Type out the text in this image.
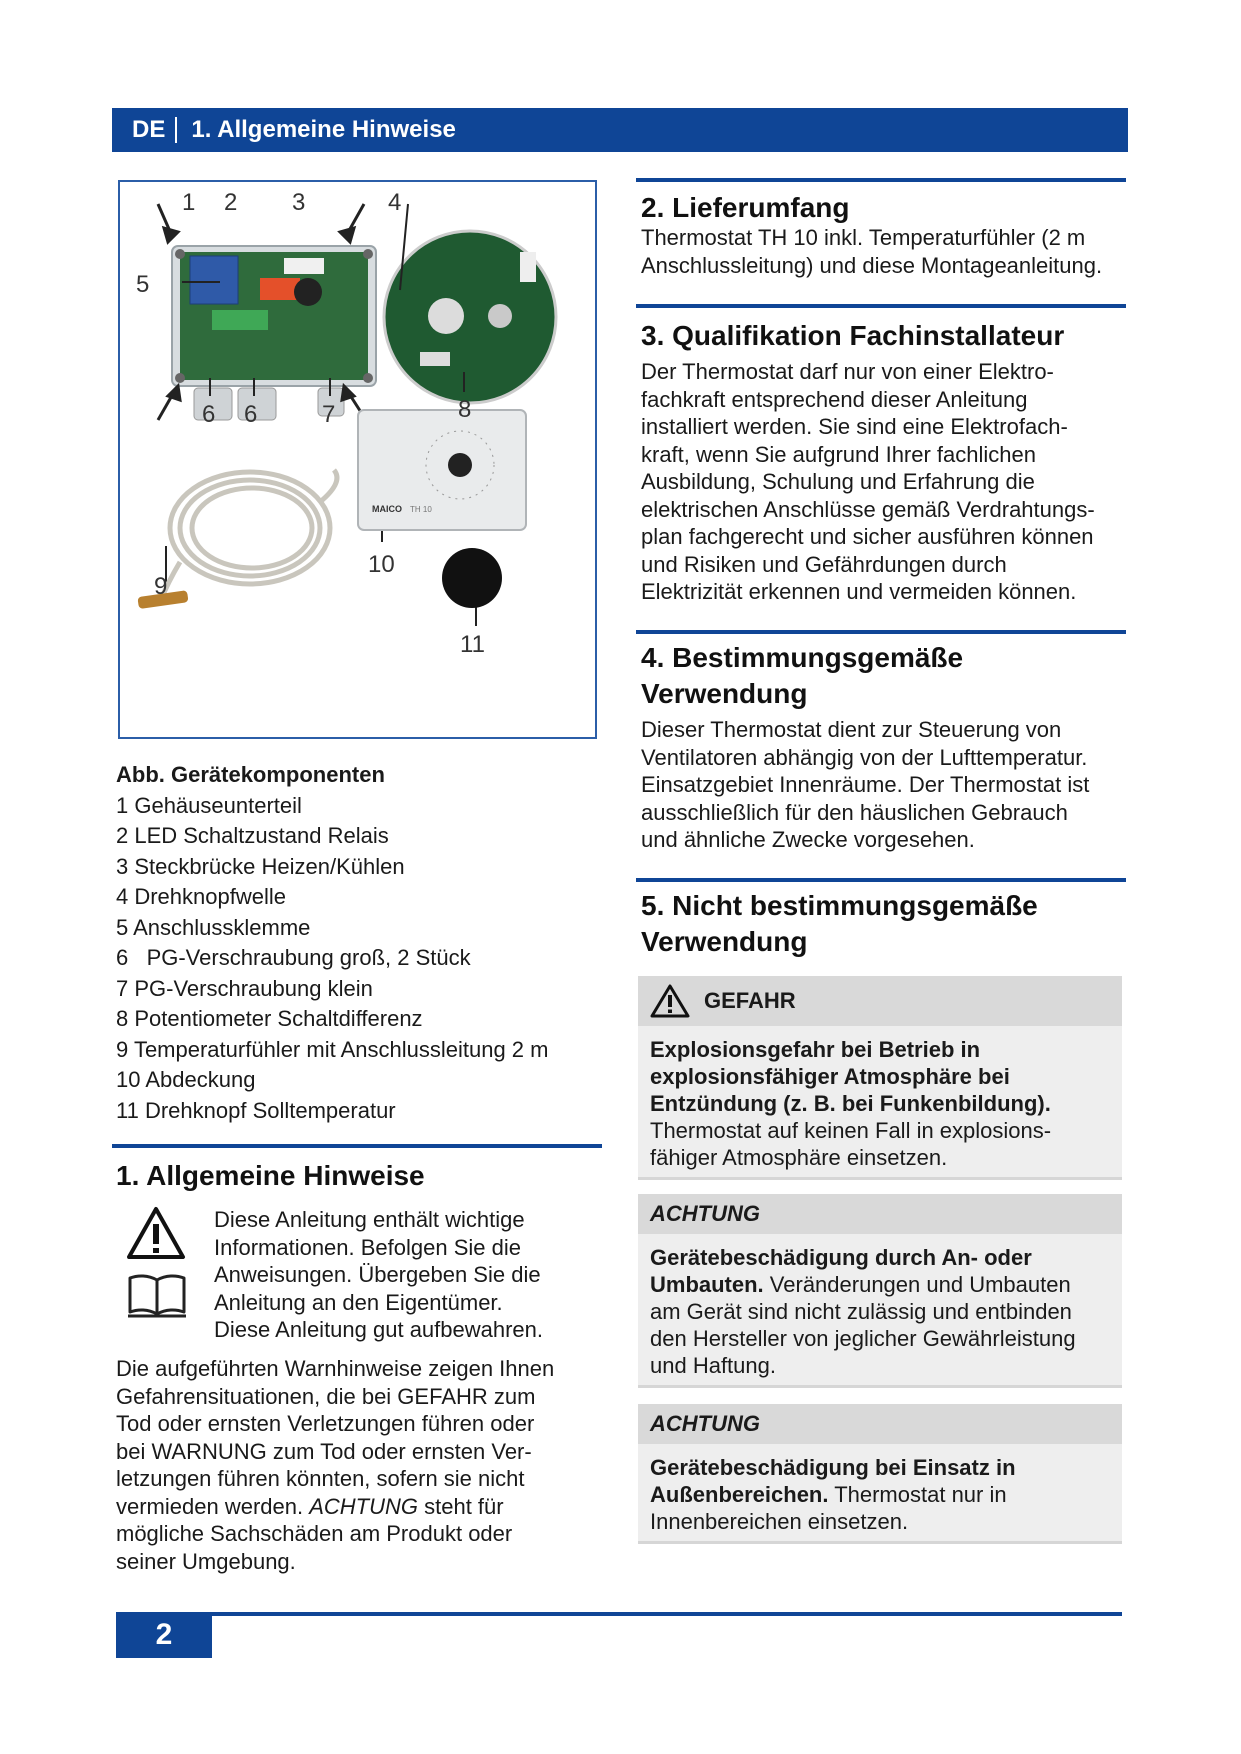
DE	1. Allgemeine Hinweise
MAICO TH 10
1 2 3	4
5
6 6	7	8
9
10
11
Abb. Gerätekomponenten
1 Gehäuseunterteil
2 LED Schaltzustand Relais
3 Steckbrücke Heizen/Kühlen
4 Drehknopfwelle
5 Anschlussklemme
6   PG-Verschraubung groß, 2 Stück
7 PG-Verschraubung klein
8 Potentiometer Schaltdifferenz
9 Temperaturfühler mit Anschlussleitung 2 m
10 Abdeckung
11 Drehknopf Solltemperatur
1. Allgemeine Hinweise
Diese Anleitung enthält wichtige
Informationen. Befolgen Sie die
Anweisungen. Übergeben Sie die
Anleitung an den Eigentümer.
Diese Anleitung gut aufbewahren.
Die aufgeführten Warnhinweise zeigen Ihnen
Gefahrensituationen, die bei GEFAHR zum
Tod oder ernsten Verletzungen führen oder
bei WARNUNG zum Tod oder ernsten Ver-
letzungen führen könnten, sofern sie nicht
vermieden werden. ACHTUNG steht für
mögliche Sachschäden am Produkt oder
seiner Umgebung.
2. Lieferumfang
Thermostat TH 10 inkl. Temperaturfühler (2 m
Anschlussleitung) und diese Montageanleitung.
3. Qualifikation Fachinstallateur
Der Thermostat darf nur von einer Elektro-
fachkraft entsprechend dieser Anleitung
installiert werden. Sie sind eine Elektrofach-
kraft, wenn Sie aufgrund Ihrer fachlichen
Ausbildung, Schulung und Erfahrung die
elektrischen Anschlüsse gemäß Verdrahtungs-
plan fachgerecht und sicher ausführen können
und Risiken und Gefährdungen durch
Elektrizität erkennen und vermeiden können.
4. Bestimmungsgemäße
Verwendung
Dieser Thermostat dient zur Steuerung von
Ventilatoren abhängig von der Lufttemperatur.
Einsatzgebiet Innenräume. Der Thermostat ist
ausschließlich für den häuslichen Gebrauch
und ähnliche Zwecke vorgesehen.
5. Nicht bestimmungsgemäße
Verwendung
GEFAHR
Explosionsgefahr bei Betrieb in
explosionsfähiger Atmosphäre bei
Entzündung (z. B. bei Funkenbildung).
Thermostat auf keinen Fall in explosions-
fähiger Atmosphäre einsetzen.
ACHTUNG
Gerätebeschädigung durch An- oder
Umbauten. Veränderungen und Umbauten
am Gerät sind nicht zulässig und entbinden
den Hersteller von jeglicher Gewährleistung
und Haftung.
ACHTUNG
Gerätebeschädigung bei Einsatz in
Außenbereichen. Thermostat nur in
Innenbereichen einsetzen.
2
